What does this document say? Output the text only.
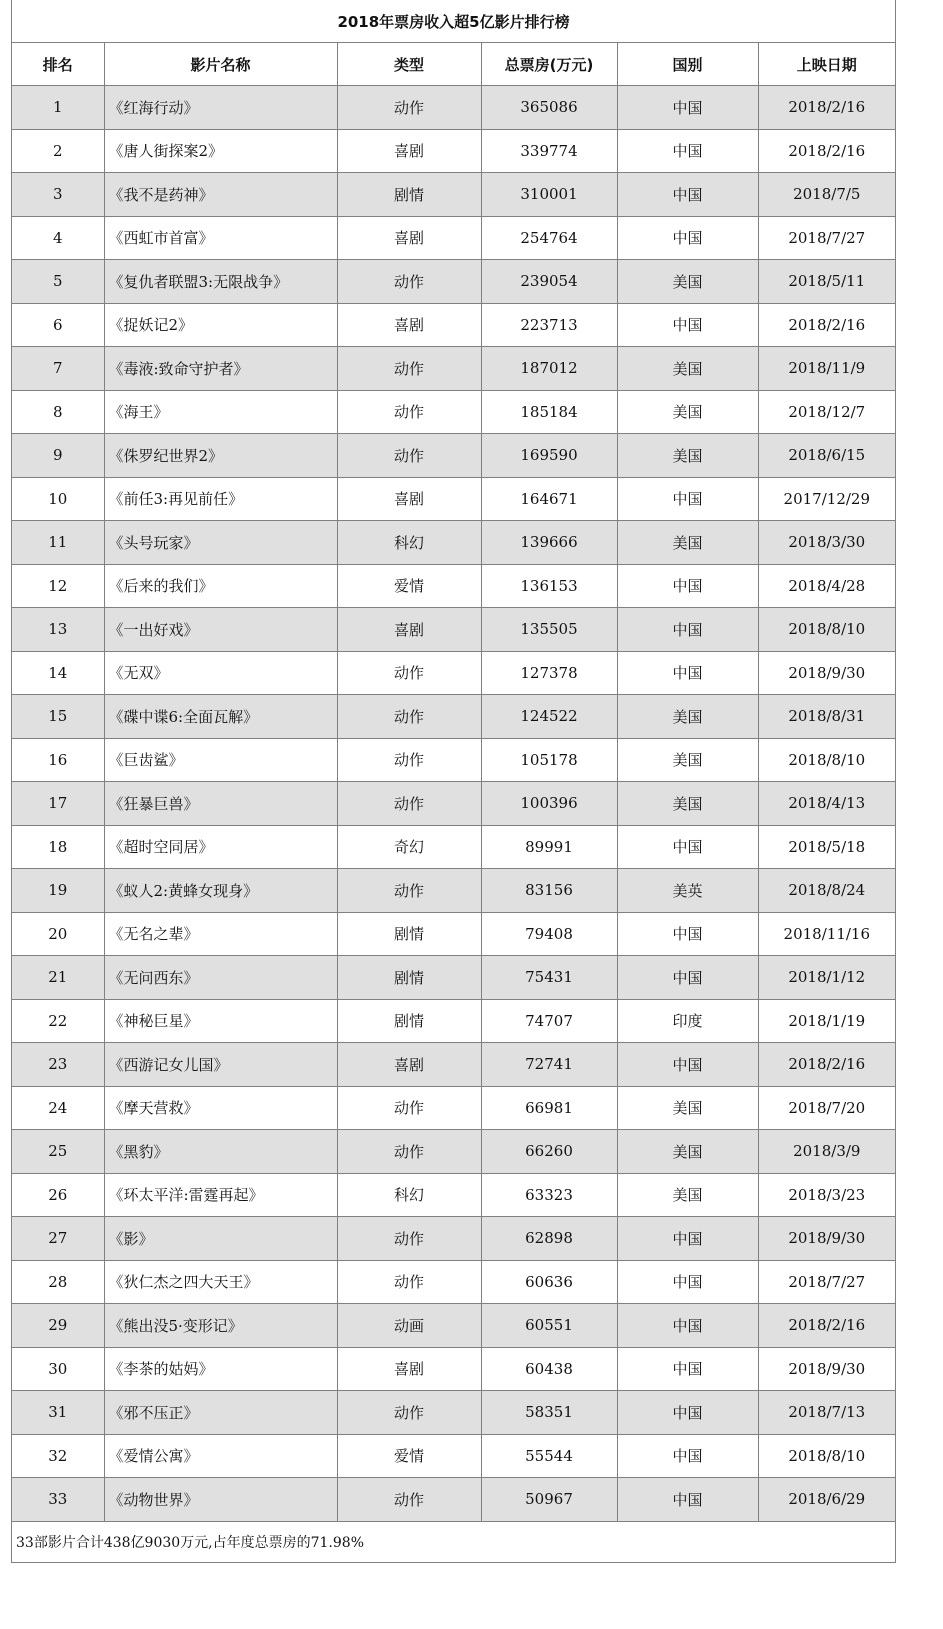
2018年票房收入超5亿影片排行榜					
排名	影片名称	类型	总票房(万元)	国别	上映日期
1	《红海行动》	动作	365086	中国	2018/2/16
2	《唐人街探案2》	喜剧	339774	中国	2018/2/16
3	《我不是药神》	剧情	310001	中国	2018/7/5
4	《西虹市首富》	喜剧	254764	中国	2018/7/27
5	《复仇者联盟3:无限战争》	动作	239054	美国	2018/5/11
6	《捉妖记2》	喜剧	223713	中国	2018/2/16
7	《毒液:致命守护者》	动作	187012	美国	2018/11/9
8	《海王》	动作	185184	美国	2018/12/7
9	《侏罗纪世界2》	动作	169590	美国	2018/6/15
10	《前任3:再见前任》	喜剧	164671	中国	2017/12/29
11	《头号玩家》	科幻	139666	美国	2018/3/30
12	《后来的我们》	爱情	136153	中国	2018/4/28
13	《一出好戏》	喜剧	135505	中国	2018/8/10
14	《无双》	动作	127378	中国	2018/9/30
15	《碟中谍6:全面瓦解》	动作	124522	美国	2018/8/31
16	《巨齿鲨》	动作	105178	美国	2018/8/10
17	《狂暴巨兽》	动作	100396	美国	2018/4/13
18	《超时空同居》	奇幻	89991	中国	2018/5/18
19	《蚁人2:黄蜂女现身》	动作	83156	美英	2018/8/24
20	《无名之辈》	剧情	79408	中国	2018/11/16
21	《无问西东》	剧情	75431	中国	2018/1/12
22	《神秘巨星》	剧情	74707	印度	2018/1/19
23	《西游记女儿国》	喜剧	72741	中国	2018/2/16
24	《摩天营救》	动作	66981	美国	2018/7/20
25	《黑豹》	动作	66260	美国	2018/3/9
26	《环太平洋:雷霆再起》	科幻	63323	美国	2018/3/23
27	《影》	动作	62898	中国	2018/9/30
28	《狄仁杰之四大天王》	动作	60636	中国	2018/7/27
29	《熊出没5·变形记》	动画	60551	中国	2018/2/16
30	《李茶的姑妈》	喜剧	60438	中国	2018/9/30
31	《邪不压正》	动作	58351	中国	2018/7/13
32	《爱情公寓》	爱情	55544	中国	2018/8/10
33	《动物世界》	动作	50967	中国	2018/6/29
33部影片合计438亿9030万元,占年度总票房的71.98%					
